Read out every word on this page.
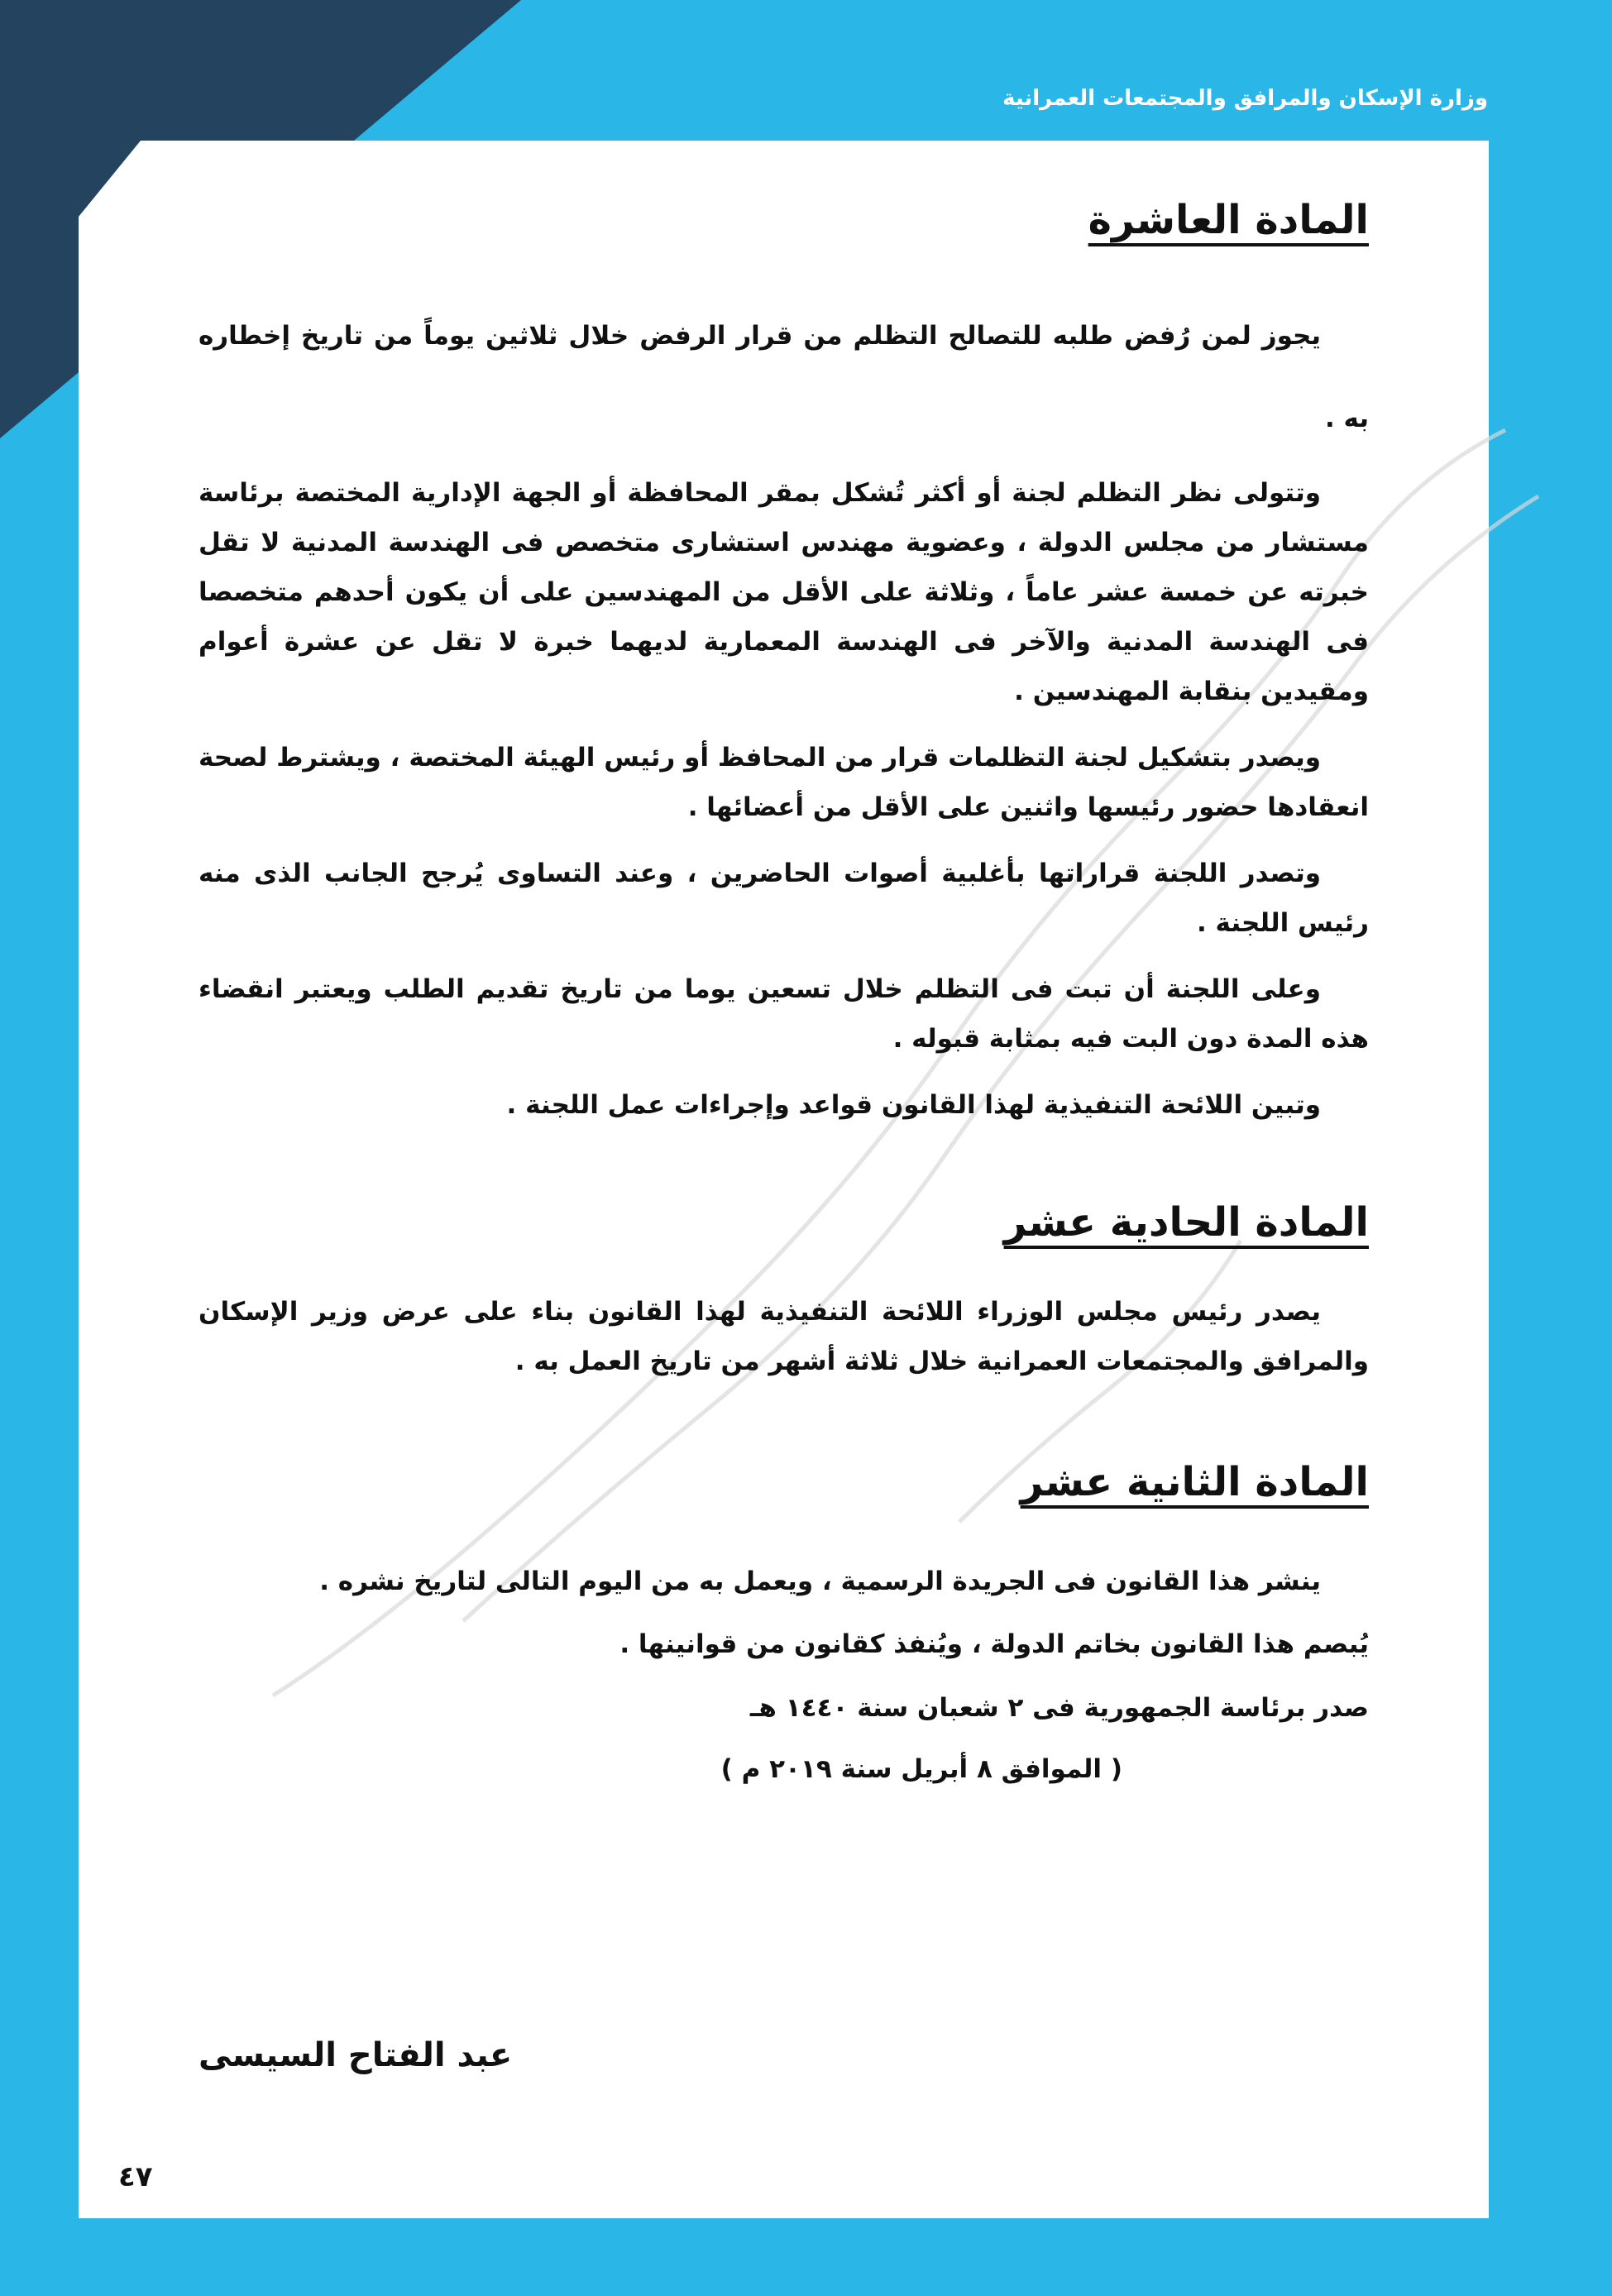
وزارة الإسكان والمرافق والمجتمعات العمرانية
المادة العاشرة

يجوز لمن رُفض طلبه للتصالح التظلم من قرار الرفض خلال ثلاثين يوماً من تاريخ إخطاره به .

وتتولى نظر التظلم لجنة أو أكثر تُشكل بمقر المحافظة أو الجهة الإدارية المختصة برئاسة مستشار من مجلس الدولة ، وعضوية مهندس استشارى متخصص فى الهندسة المدنية لا تقل خبرته عن خمسة عشر عاماً ، وثلاثة على الأقل من المهندسين على أن يكون أحدهم متخصصا فى الهندسة المدنية والآخر فى الهندسة المعمارية لديهما خبرة لا تقل عن عشرة أعوام ومقيدين بنقابة المهندسين .

ويصدر بتشكيل لجنة التظلمات قرار من المحافظ أو رئيس الهيئة المختصة ، ويشترط لصحة انعقادها حضور رئيسها واثنين على الأقل من أعضائها .

وتصدر اللجنة قراراتها بأغلبية أصوات الحاضرين ، وعند التساوى يُرجح الجانب الذى منه رئيس اللجنة .

وعلى اللجنة أن تبت فى التظلم خلال تسعين يوما من تاريخ تقديم الطلب ويعتبر انقضاء هذه المدة دون البت فيه بمثابة قبوله .

وتبين اللائحة التنفيذية لهذا القانون قواعد وإجراءات عمل اللجنة .

المادة الحادية عشر

يصدر رئيس مجلس الوزراء اللائحة التنفيذية لهذا القانون بناء على عرض وزير الإسكان والمرافق والمجتمعات العمرانية خلال ثلاثة أشهر من تاريخ العمل به .

المادة الثانية عشر

ينشر هذا القانون فى الجريدة الرسمية ، ويعمل به من اليوم التالى لتاريخ نشره .

يُبصم هذا القانون بخاتم الدولة ، ويُنفذ كقانون من قوانينها .

صدر برئاسة الجمهورية فى ٢ شعبان سنة ١٤٤٠ هـ

( الموافق ٨ أبريل سنة ٢٠١٩ م )

عبد الفتاح السيسى
٤٧
